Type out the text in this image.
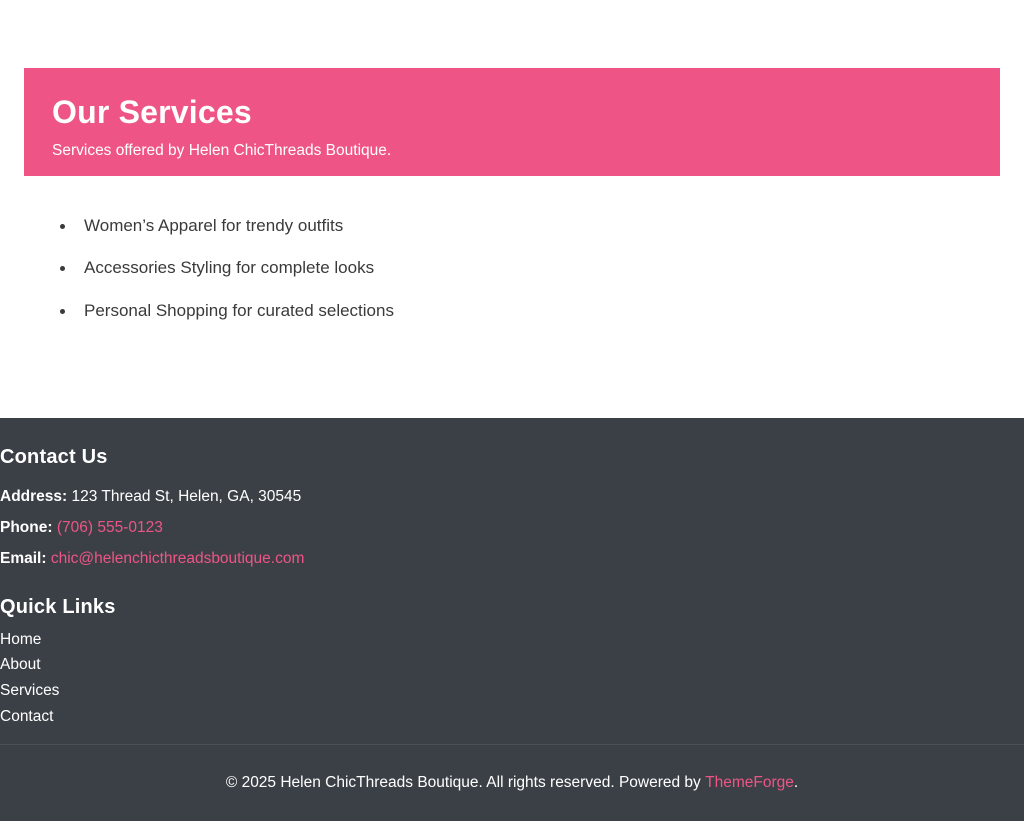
Our Services
Services offered by Helen ChicThreads Boutique.
Women’s Apparel for trendy outfits
Accessories Styling for complete looks
Personal Shopping for curated selections
Contact Us
Address: 123 Thread St, Helen, GA, 30545
Phone: (706) 555-0123
Email: chic@helenchicthreadsboutique.com
Quick Links
Home
About
Services
Contact
© 2025 Helen ChicThreads Boutique. All rights reserved. Powered by ThemeForge .
